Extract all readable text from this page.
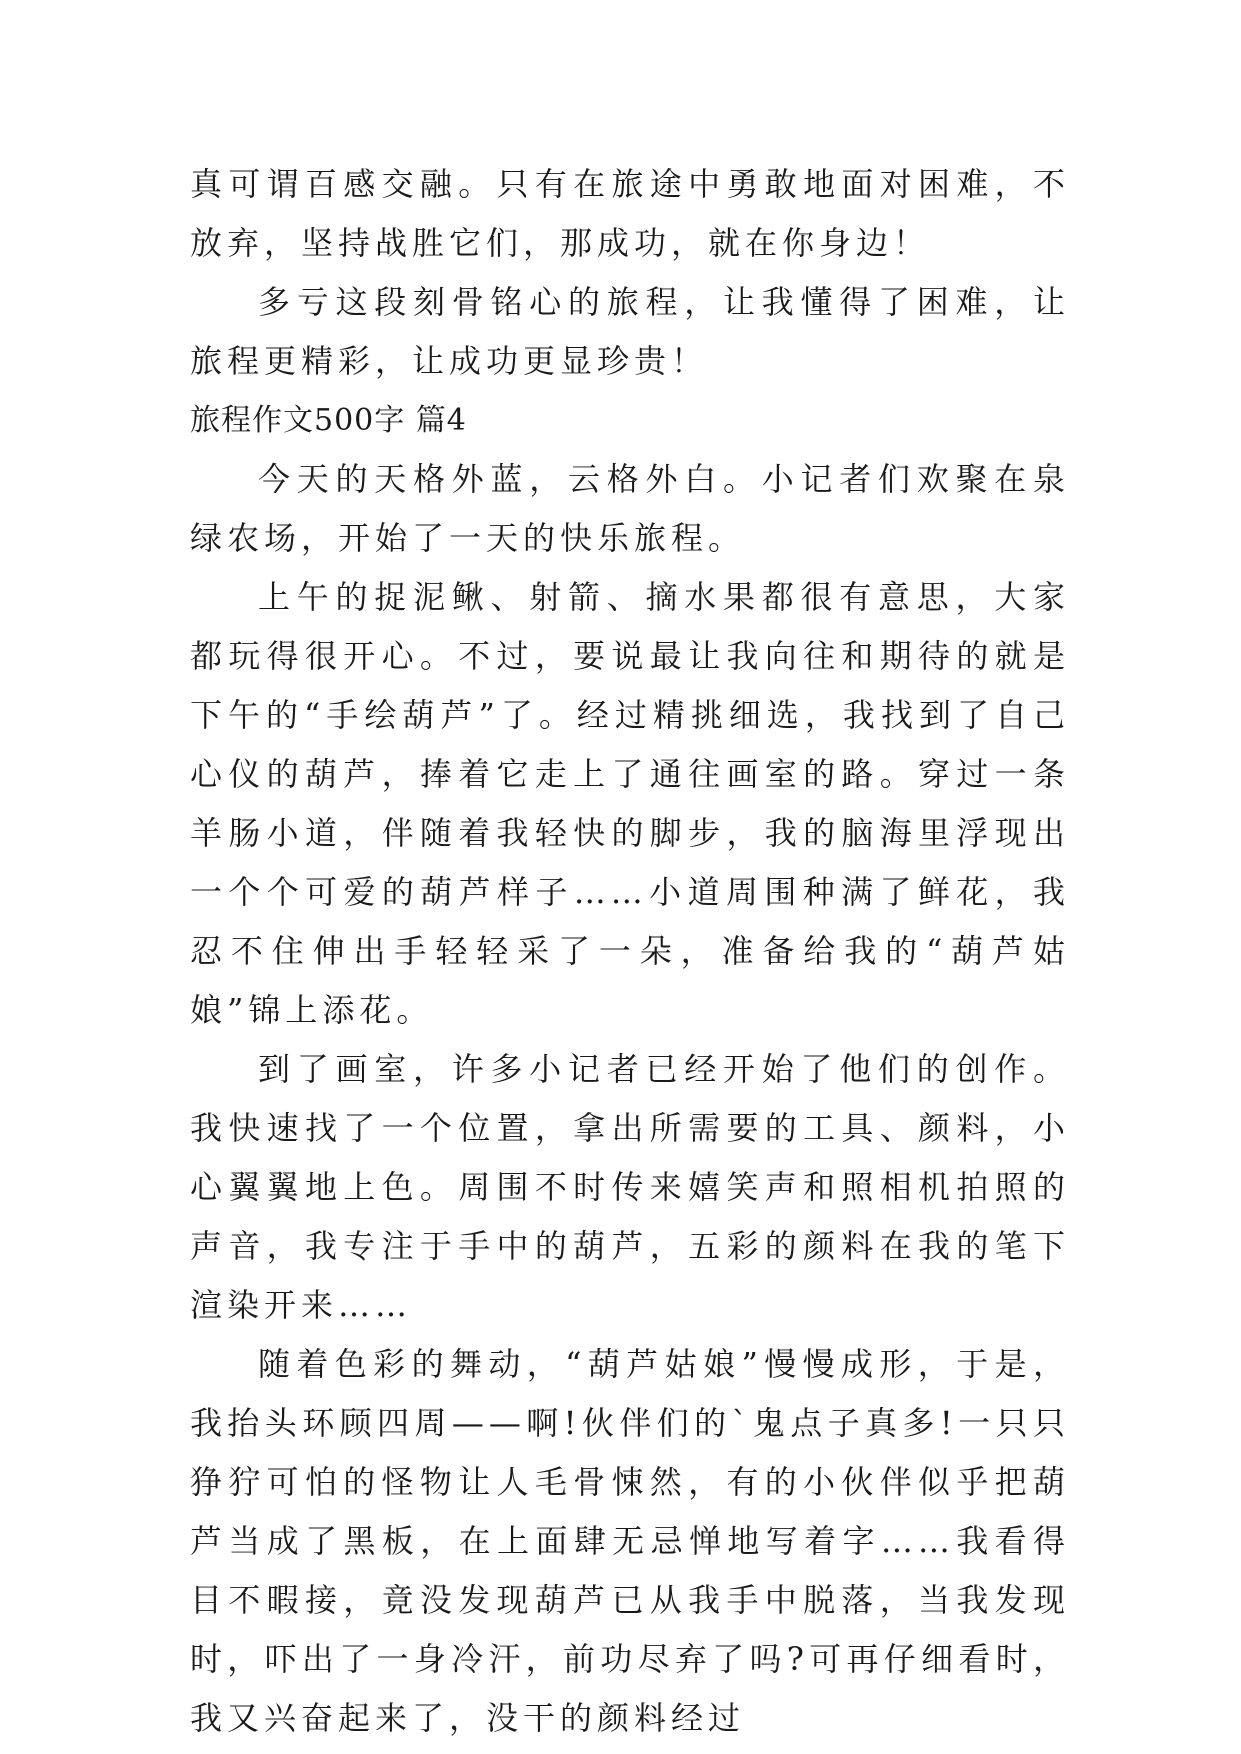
真可谓百感交融。只有在旅途中勇敢地面对困难，不放弃，坚持战胜它们，那成功，就在你身边！

多亏这段刻骨铭心的旅程，让我懂得了困难，让旅程更精彩，让成功更显珍贵！

旅程作文500字 篇4

今天的天格外蓝，云格外白。小记者们欢聚在泉绿农场，开始了一天的快乐旅程。

上午的捉泥鳅、射箭、摘水果都很有意思，大家都玩得很开心。不过，要说最让我向往和期待的就是下午的“手绘葫芦”了。经过精挑细选，我找到了自己心仪的葫芦，捧着它走上了通往画室的路。穿过一条羊肠小道，伴随着我轻快的脚步，我的脑海里浮现出一个个可爱的葫芦样子……小道周围种满了鲜花，我忍不住伸出手轻轻采了一朵，准备给我的“葫芦姑娘”锦上添花。

到了画室，许多小记者已经开始了他们的创作。我快速找了一个位置，拿出所需要的工具、颜料，小心翼翼地上色。周围不时传来嬉笑声和照相机拍照的声音，我专注于手中的葫芦，五彩的颜料在我的笔下渲染开来……

随着色彩的舞动，“葫芦姑娘”慢慢成形，于是，我抬头环顾四周——啊!伙伴们的`鬼点子真多!一只只狰狞可怕的怪物让人毛骨悚然，有的小伙伴似乎把葫芦当成了黑板，在上面肆无忌惮地写着字……我看得目不暇接，竟没发现葫芦已从我手中脱落，当我发现时，吓出了一身冷汗，前功尽弃了吗?可再仔细看时，我又兴奋起来了，没干的颜料经过
